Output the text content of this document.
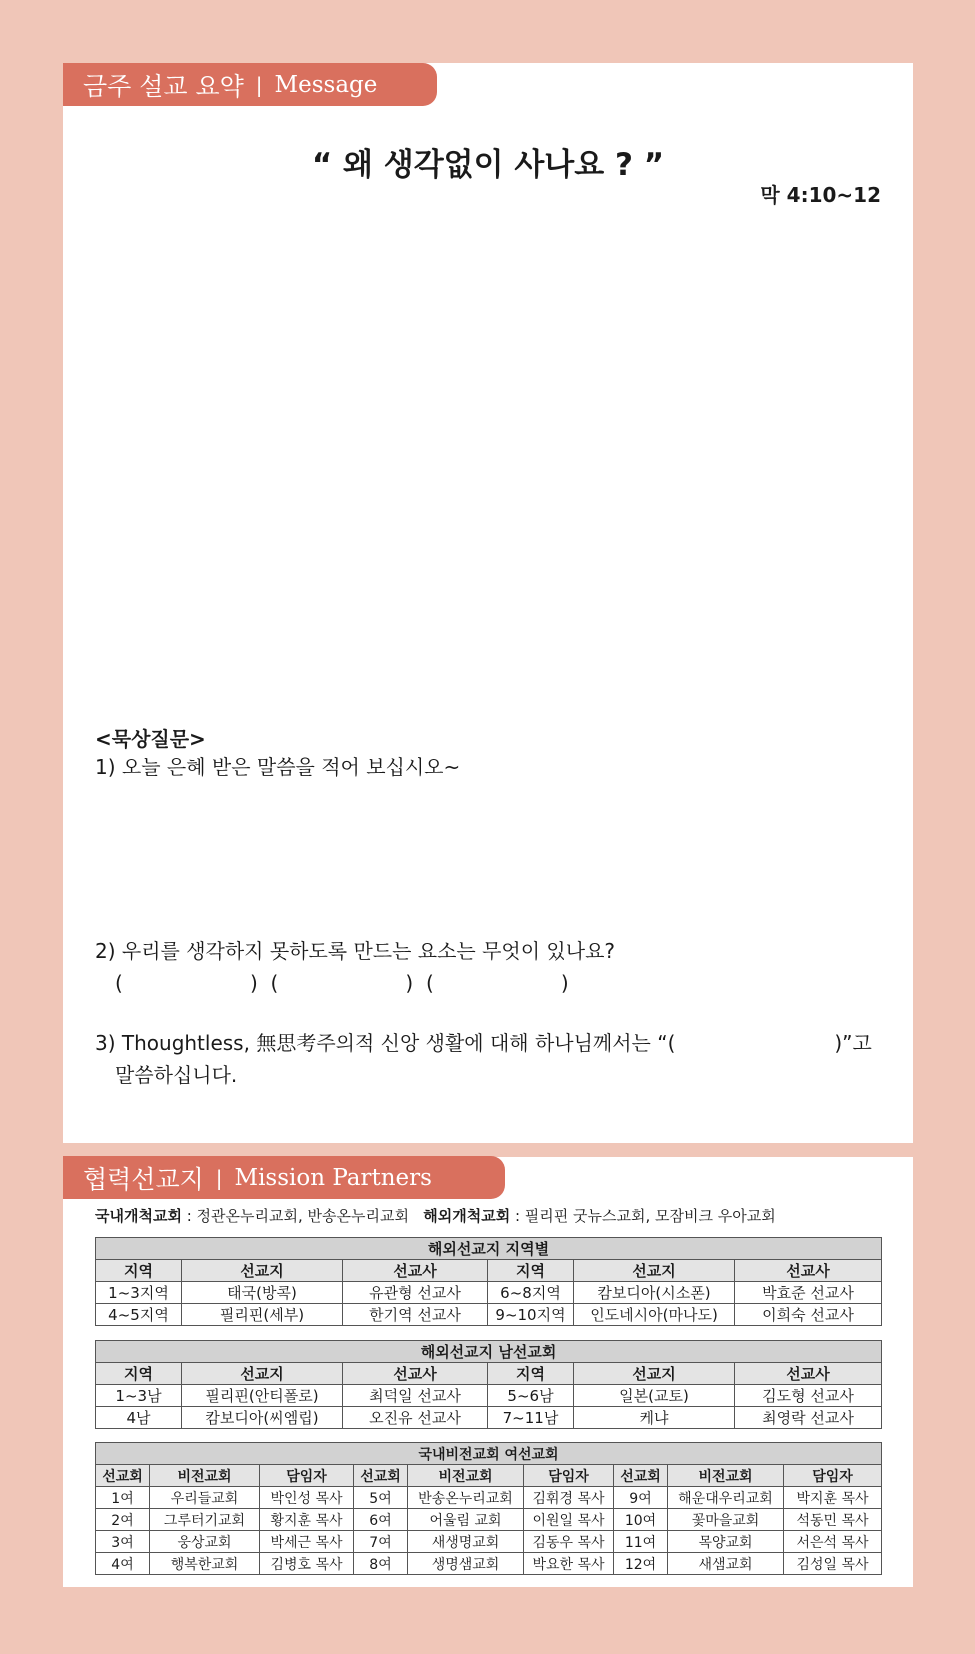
금주 설교 요약 | Message
“ 왜 생각없이 사나요 ? ”
막 4:10~12
<묵상질문>
1) 오늘 은혜 받은 말씀을 적어 보십시오~
2) 우리를 생각하지 못하도록 만드는 요소는 무엇이 있나요?
(                    )  (                    )  (                    )
3) Thoughtless, 無思考주의적 신앙 생활에 대해 하나님께서는 “(                         )”고
말씀하십니다.
협력선교지 | Mission Partners
국내개척교회 : 정관온누리교회, 반송온누리교회 해외개척교회 : 필리핀 굿뉴스교회, 모잠비크 우아교회
해외선교지 지역별					
지역	선교지	선교사	지역	선교지	선교사
1~3지역	태국(방콕)	유관형 선교사	6~8지역	캄보디아(시소폰)	박효준 선교사
4~5지역	필리핀(세부)	한기역 선교사	9~10지역	인도네시아(마나도)	이희숙 선교사
해외선교지 남선교회					
지역	선교지	선교사	지역	선교지	선교사
1~3남	필리핀(안티폴로)	최덕일 선교사	5~6남	일본(교토)	김도형 선교사
4남	캄보디아(씨엠립)	오진유 선교사	7~11남	케냐	최영락 선교사
국내비전교회 여선교회								
선교회	비전교회	담임자	선교회	비전교회	담임자	선교회	비전교회	담임자
1여	우리들교회	박인성 목사	5여	반송온누리교회	김휘경 목사	9여	해운대우리교회	박지훈 목사
2여	그루터기교회	황지훈 목사	6여	어울림 교회	이원일 목사	10여	꽃마을교회	석동민 목사
3여	웅상교회	박세근 목사	7여	새생명교회	김동우 목사	11여	목양교회	서은석 목사
4여	행복한교회	김병호 목사	8여	생명샘교회	박요한 목사	12여	새샘교회	김성일 목사
